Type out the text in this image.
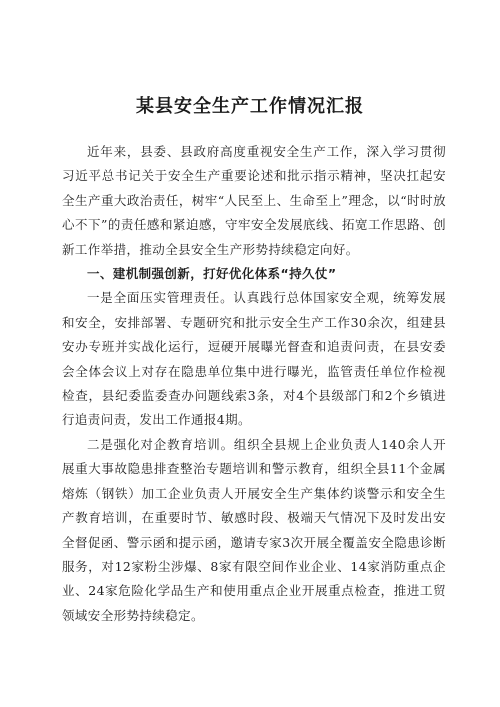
某县安全生产工作情况汇报

近年来，县委、县政府高度重视安全生产工作，深入学习贯彻习近平总书记关于安全生产重要论述和批示指示精神，坚决扛起安全生产重大政治责任，树牢“人民至上、生命至上”理念，以“时时放心不下”的责任感和紧迫感，守牢安全发展底线、拓宽工作思路、创新工作举措，推动全县安全生产形势持续稳定向好。

一、建机制强创新，打好优化体系“持久仗”

一是全面压实管理责任。认真践行总体国家安全观，统筹发展和安全，安排部署、专题研究和批示安全生产工作30余次，组建县安办专班并实战化运行，逗硬开展曝光督查和追责问责，在县安委会全体会议上对存在隐患单位集中进行曝光，监管责任单位作检视检查，县纪委监委查办问题线索3条，对4个县级部门和2个乡镇进行追责问责，发出工作通报4期。

二是强化对企教育培训。组织全县规上企业负责人140余人开展重大事故隐患排查整治专题培训和警示教育，组织全县11个金属熔炼（钢铁）加工企业负责人开展安全生产集体约谈警示和安全生产教育培训，在重要时节、敏感时段、极端天气情况下及时发出安全督促函、警示函和提示函，邀请专家3次开展全覆盖安全隐患诊断服务，对12家粉尘涉爆、8家有限空间作业企业、14家消防重点企业、24家危险化学品生产和使用重点企业开展重点检查，推进工贸领域安全形势持续稳定。
